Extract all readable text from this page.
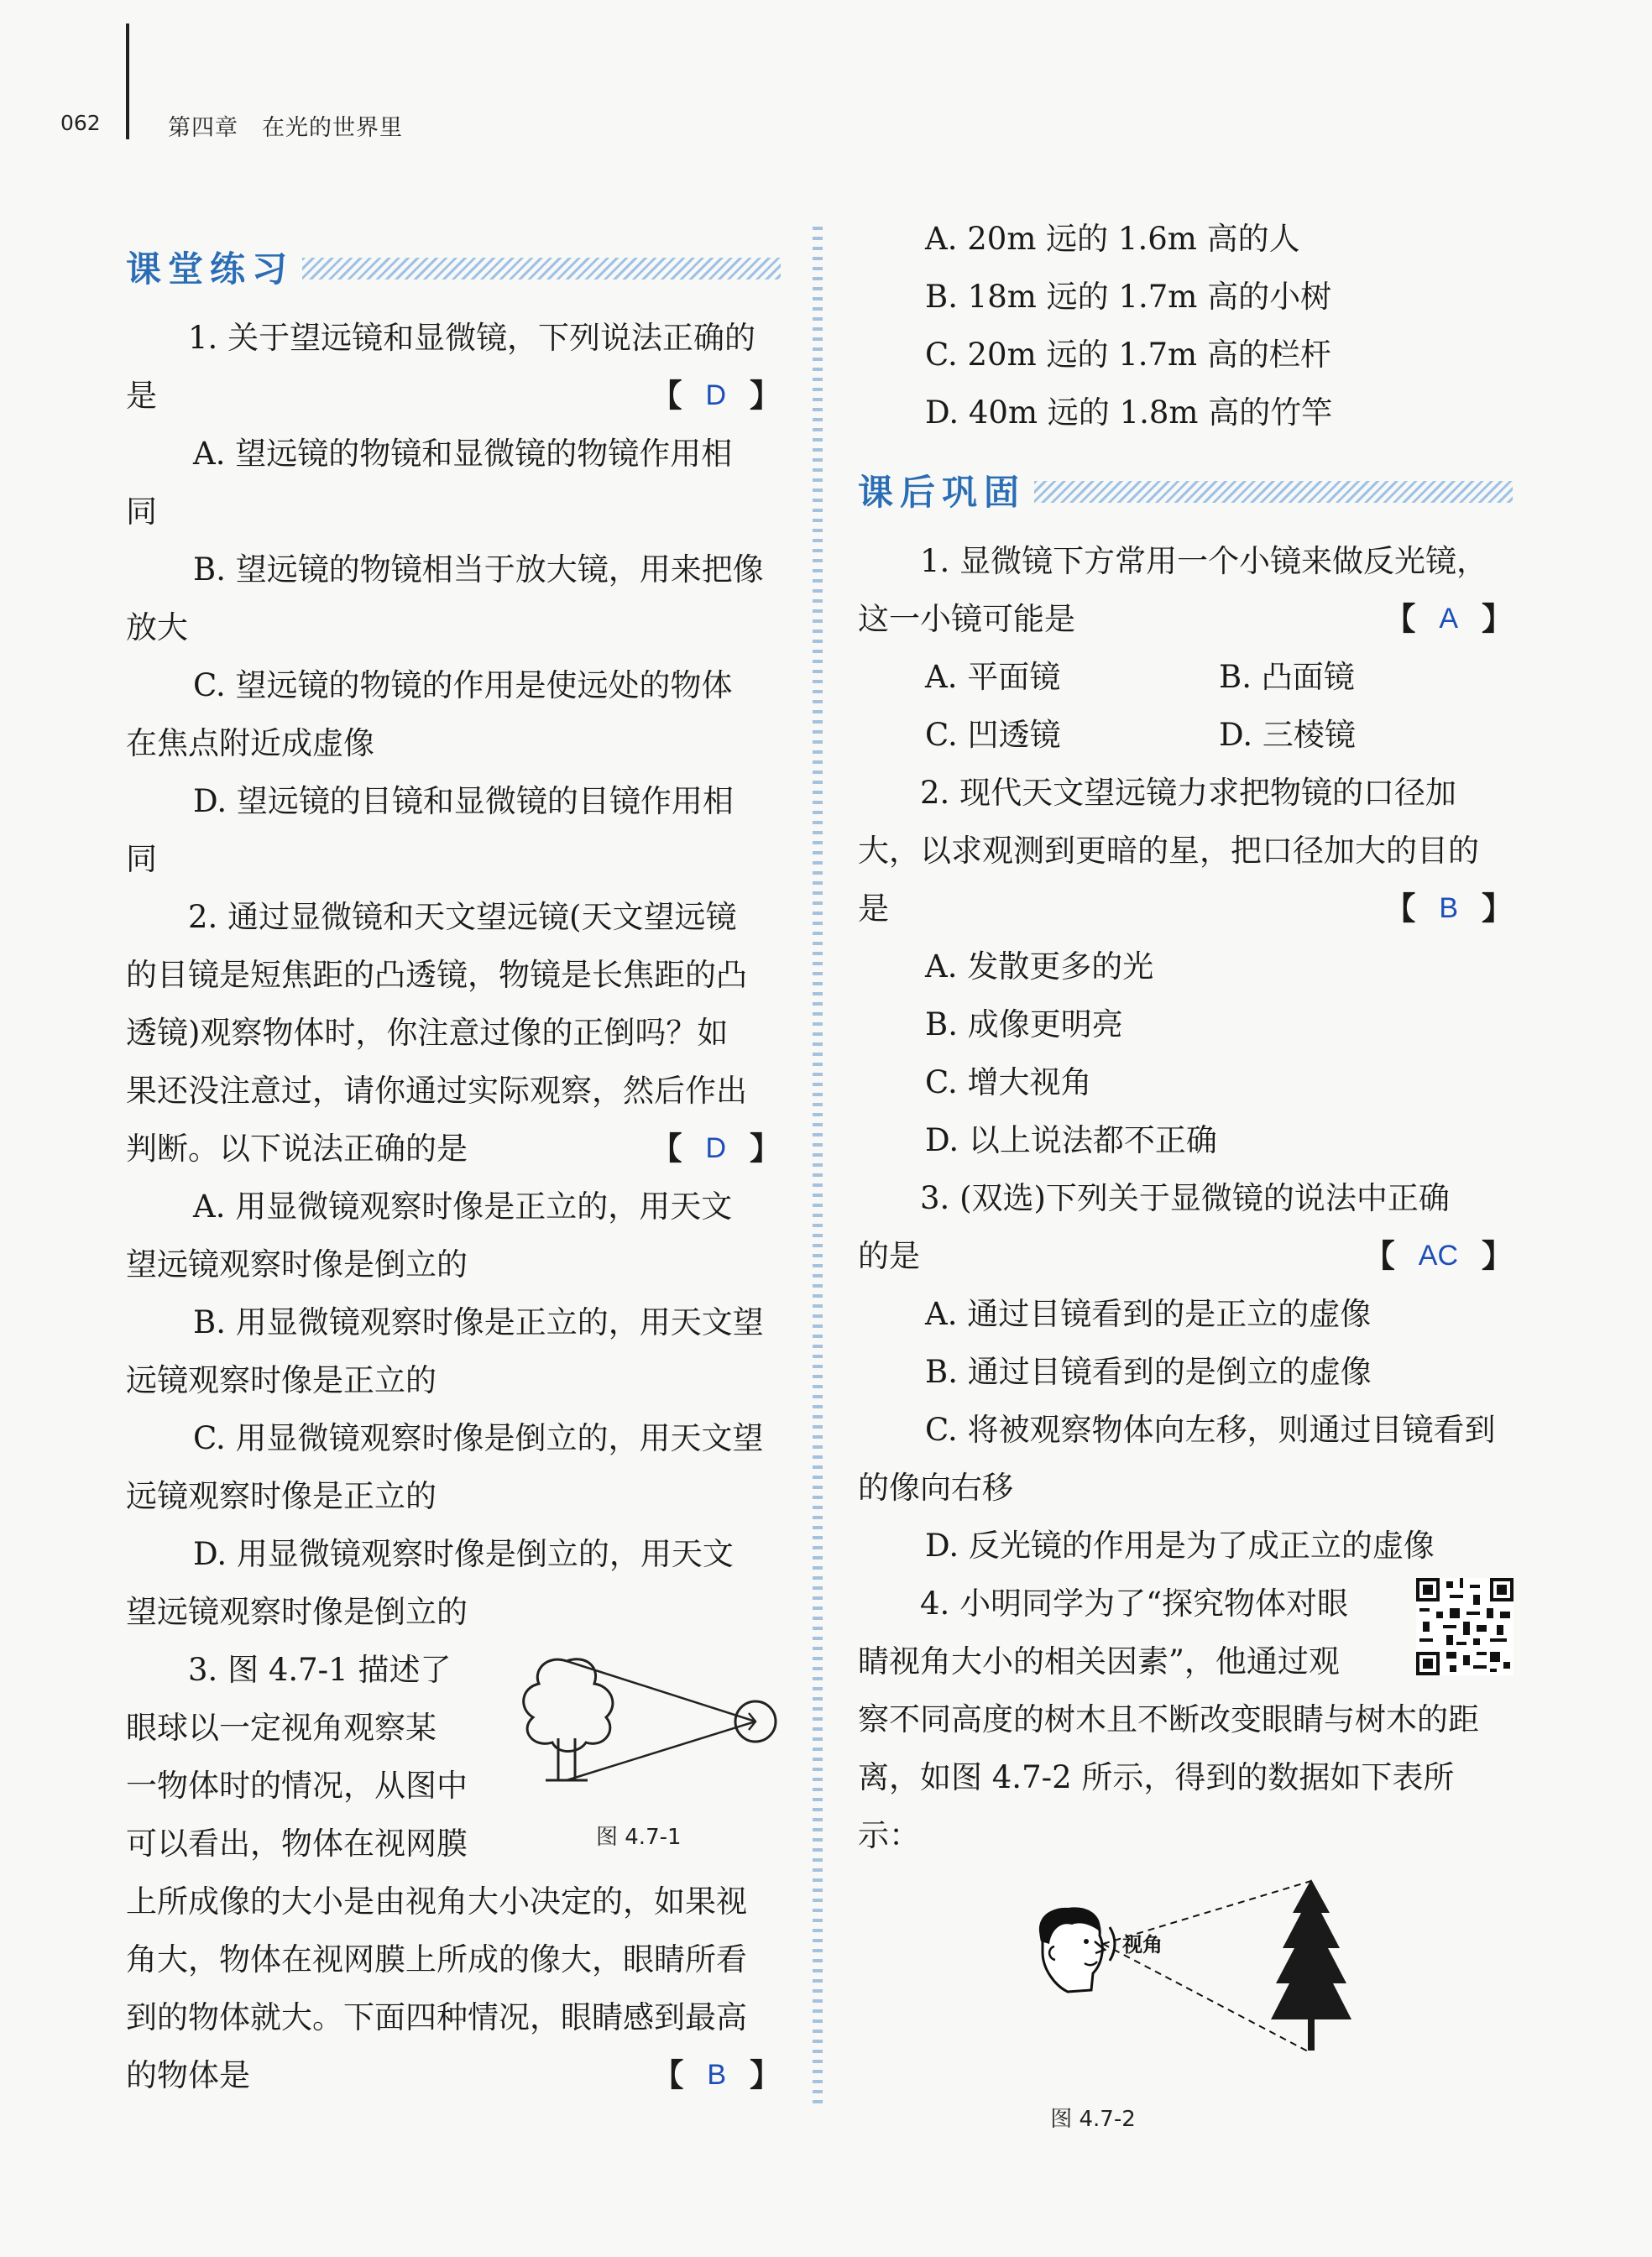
062	第四章　在光的世界里
课堂练习

1. 关于望远镜和显微镜，下列说法正确的

是	【 D 】

A. 望远镜的物镜和显微镜的物镜作用相

同

B. 望远镜的物镜相当于放大镜，用来把像

放大

C. 望远镜的物镜的作用是使远处的物体

在焦点附近成虚像

D. 望远镜的目镜和显微镜的目镜作用相

同

2. 通过显微镜和天文望远镜(天文望远镜

的目镜是短焦距的凸透镜，物镜是长焦距的凸

透镜)观察物体时，你注意过像的正倒吗？如

果还没注意过，请你通过实际观察，然后作出

判断。以下说法正确的是	【 D 】

A. 用显微镜观察时像是正立的，用天文

望远镜观察时像是倒立的

B. 用显微镜观察时像是正立的，用天文望

远镜观察时像是正立的

C. 用显微镜观察时像是倒立的，用天文望

远镜观察时像是正立的

D. 用显微镜观察时像是倒立的，用天文

望远镜观察时像是倒立的

3. 图 4.7-1 描述了

眼球以一定视角观察某

一物体时的情况，从图中

可以看出，物体在视网膜	图 4.7-1

上所成像的大小是由视角大小决定的，如果视

角大，物体在视网膜上所成的像大，眼睛所看

到的物体就大。下面四种情况，眼睛感到最高

的物体是	【 B 】

A. 20m 远的 1.6m 高的人

B. 18m 远的 1.7m 高的小树

C. 20m 远的 1.7m 高的栏杆

D. 40m 远的 1.8m 高的竹竿

课后巩固

1. 显微镜下方常用一个小镜来做反光镜，

这一小镜可能是	【 A 】
A. 平面镜	B. 凸面镜
C. 凹透镜	D. 三棱镜

2. 现代天文望远镜力求把物镜的口径加

大，以求观测到更暗的星，把口径加大的目的

是	【 B 】

A. 发散更多的光

B. 成像更明亮

C. 增大视角

D. 以上说法都不正确

3. (双选)下列关于显微镜的说法中正确

的是	【 AC 】

A. 通过目镜看到的是正立的虚像

B. 通过目镜看到的是倒立的虚像

C. 将被观察物体向左移，则通过目镜看到

的像向右移

D. 反光镜的作用是为了成正立的虚像

4. 小明同学为了“探究物体对眼

睛视角大小的相关因素”，他通过观

察不同高度的树木且不断改变眼睛与树木的距

离，如图 4.7-2 所示，得到的数据如下表所示：

视角
图 4.7-2
